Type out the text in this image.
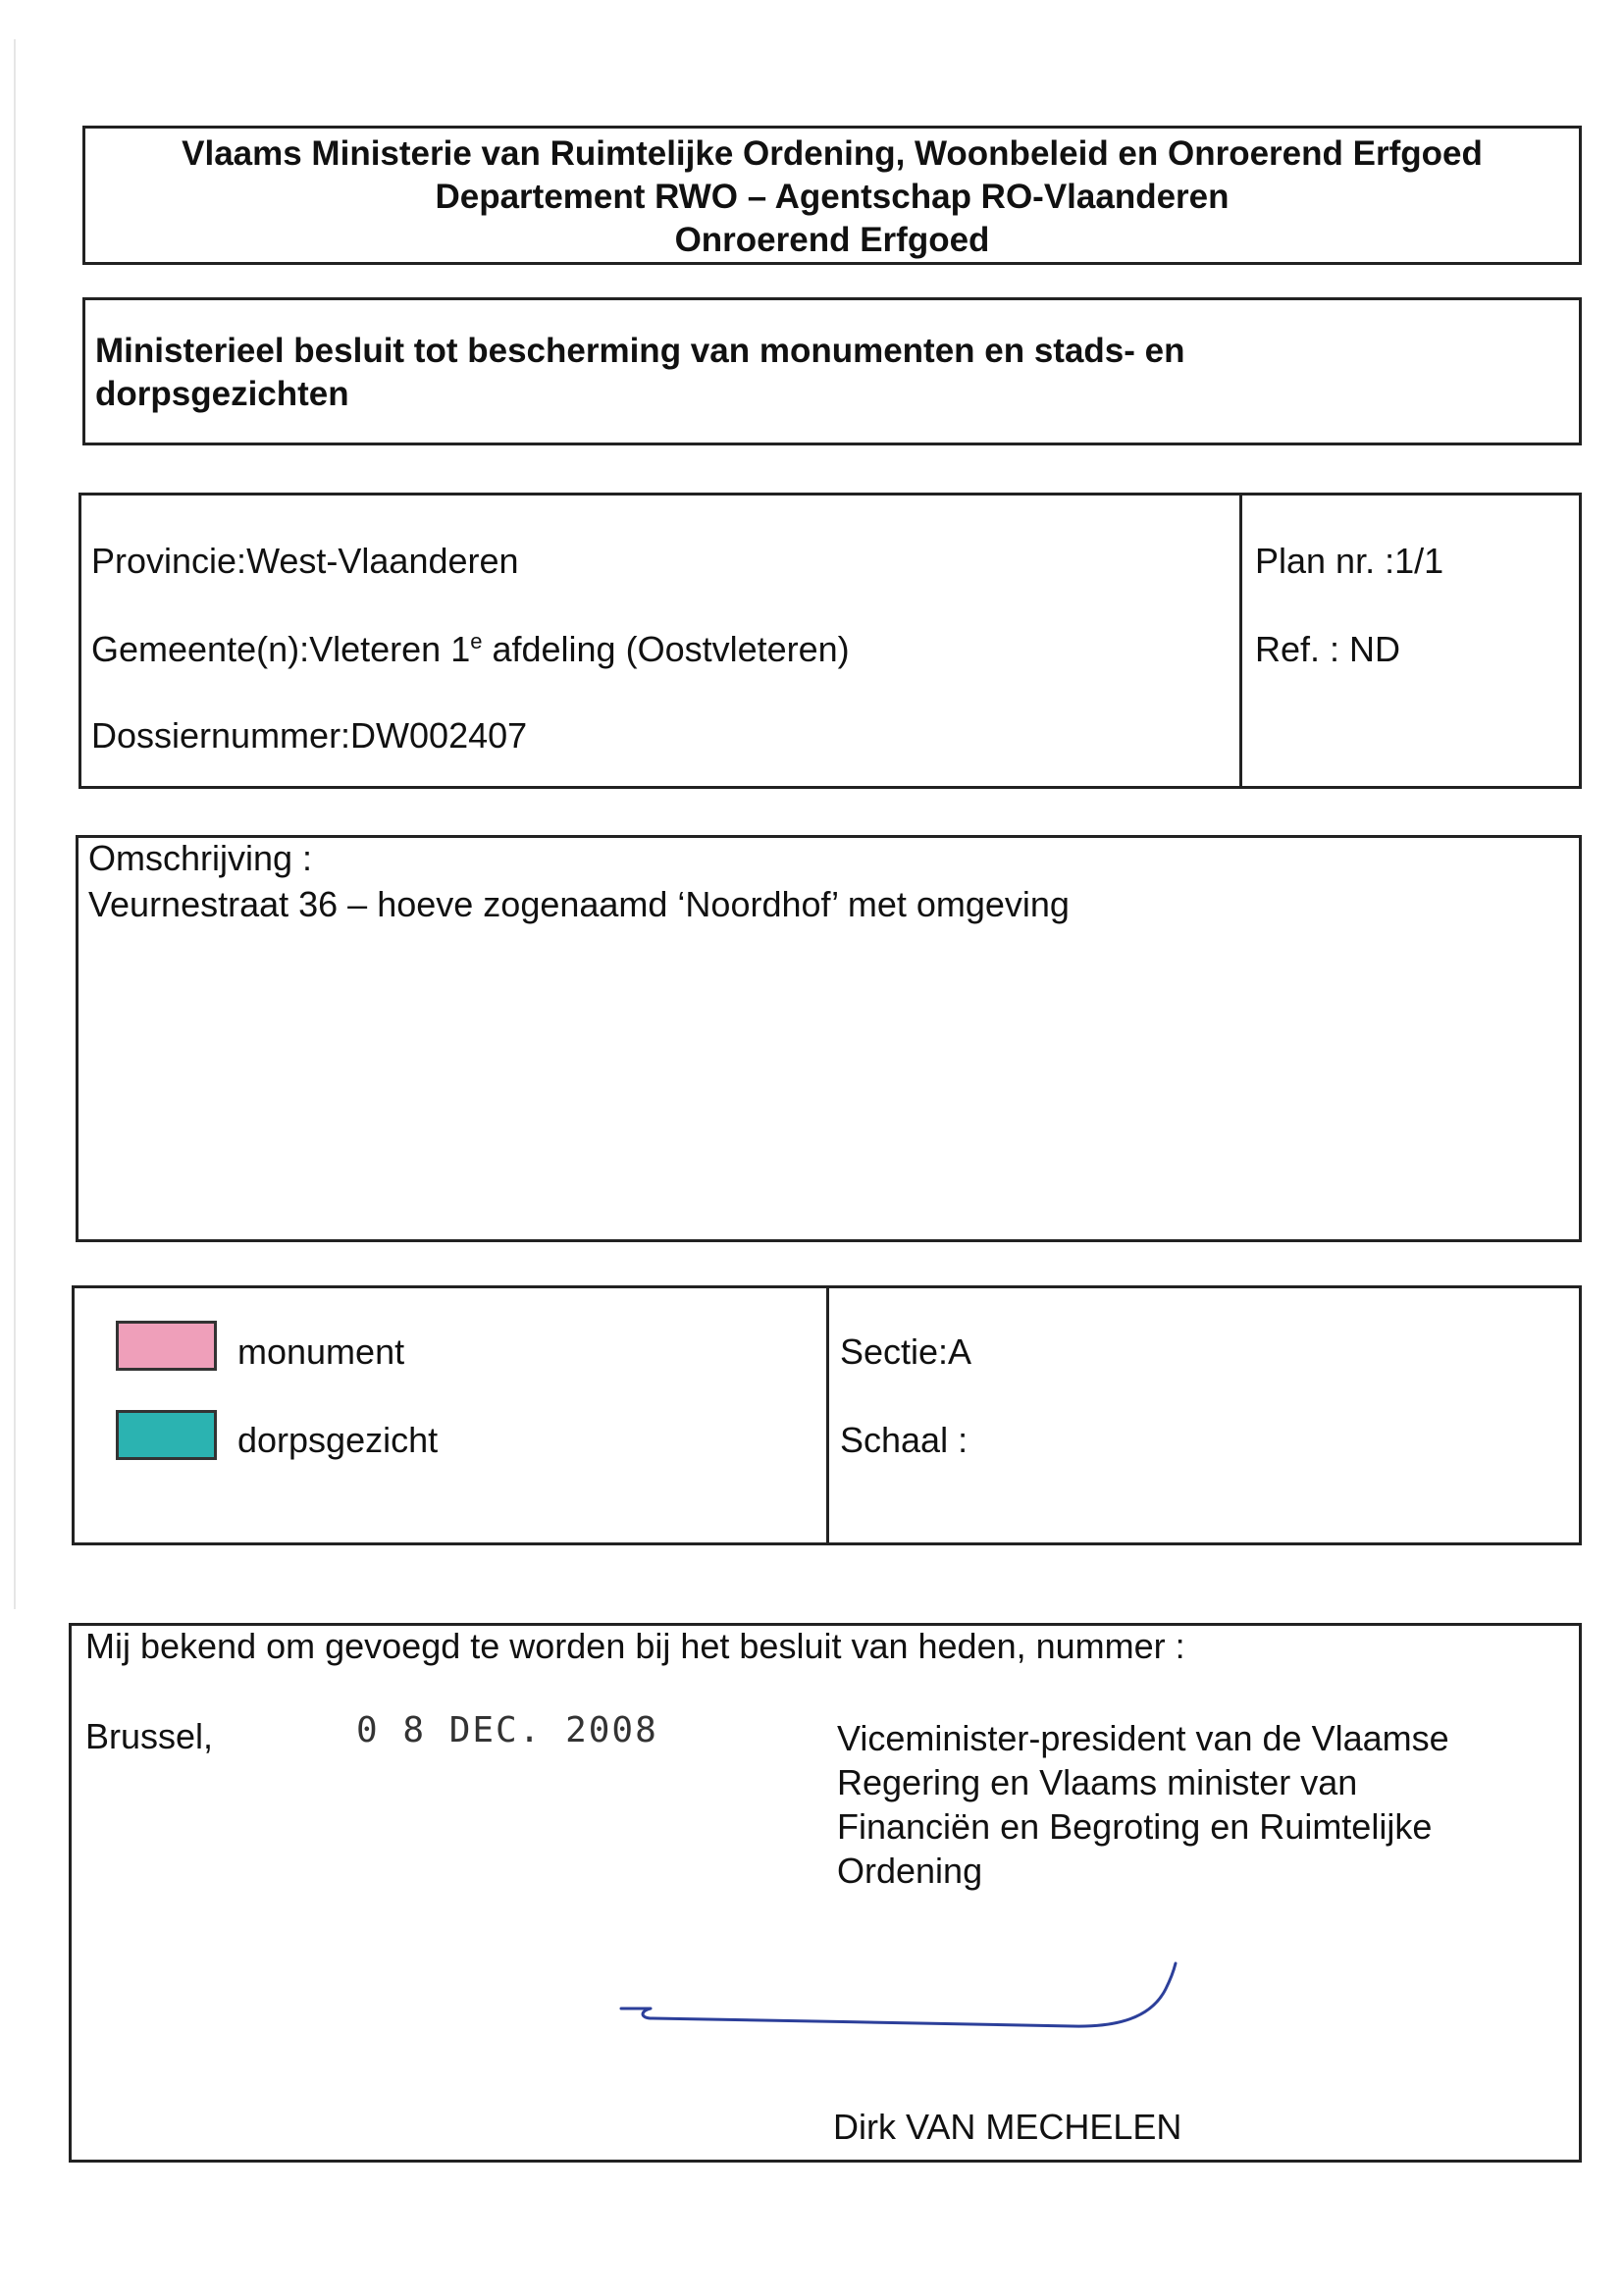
Vlaams Ministerie van Ruimtelijke Ordening, Woonbeleid en Onroerend Erfgoed
Departement RWO – Agentschap RO-Vlaanderen
Onroerend Erfgoed
Ministerieel besluit tot bescherming van monumenten en stads- en
dorpsgezichten
Provincie:West-Vlaanderen
Gemeente(n):Vleteren 1e afdeling (Oostvleteren)
Dossiernummer:DW002407
Plan nr. :1/1
Ref. : ND
Omschrijving :
Veurnestraat 36 – hoeve zogenaamd ‘Noordhof’ met omgeving
monument
dorpsgezicht
Sectie:A
Schaal :
Mij bekend om gevoegd te worden bij het besluit van heden, nummer :
Brussel,	0 8 DEC. 2008	Viceminister-president van de Vlaamse
Regering en Vlaams minister van
Financiën en Begroting en Ruimtelijke
Ordening
Dirk VAN MECHELEN
